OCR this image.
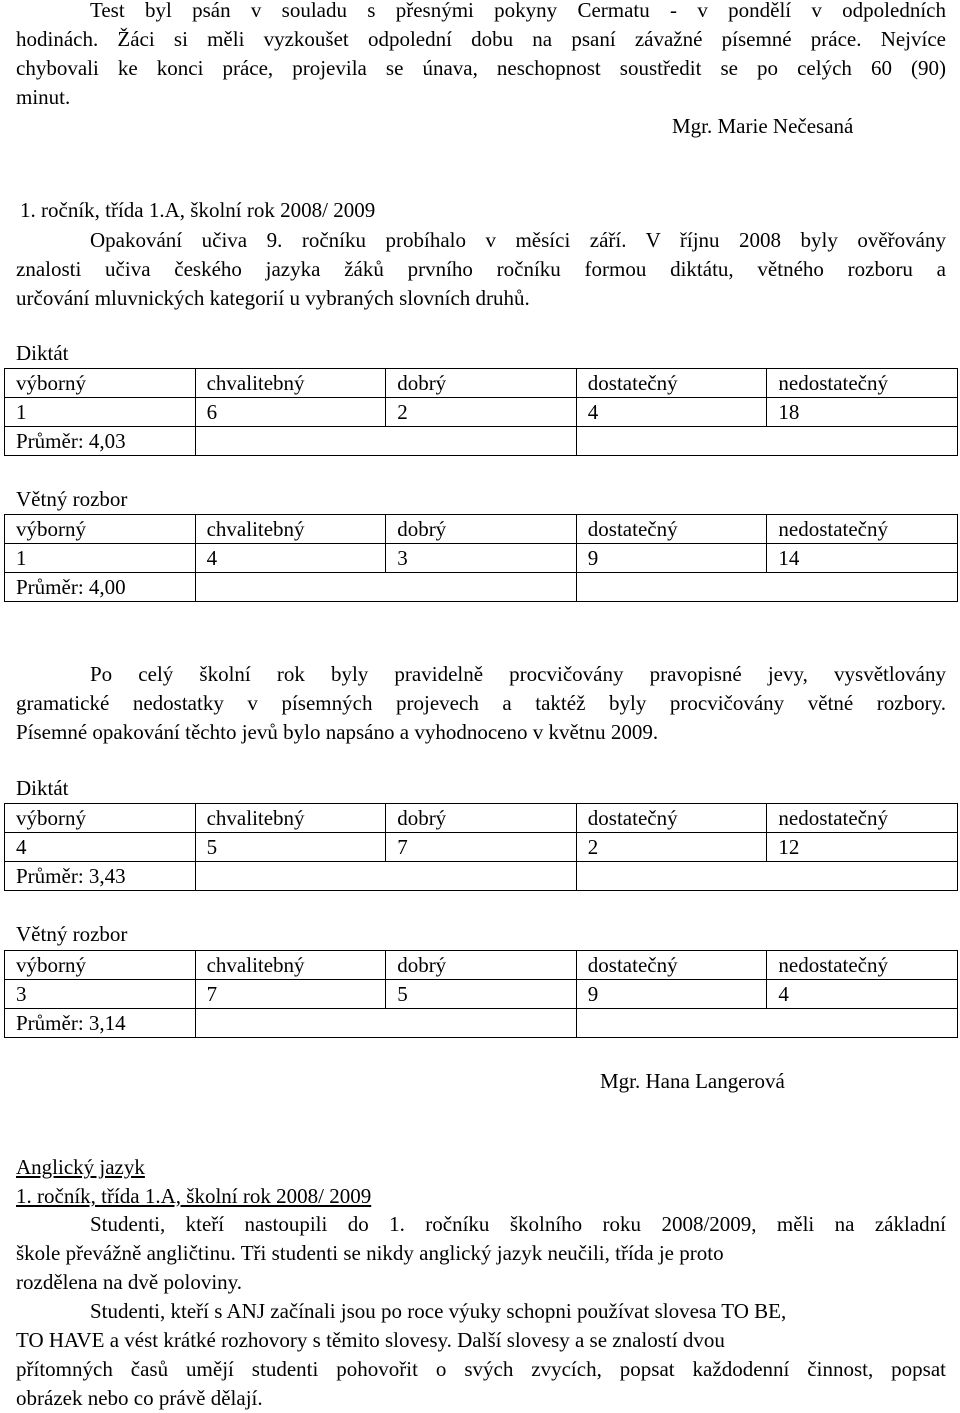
Test byl psán v souladu s přesnými pokyny Cermatu - v pondělí v odpoledních
hodinách. Žáci si měli vyzkoušet odpolední dobu na psaní závažné písemné práce. Nejvíce
chybovali ke konci práce, projevila se únava, neschopnost soustředit se po celých 60 (90)
minut.
Mgr. Marie Nečesaná
1. ročník, třída 1.A, školní rok 2008/ 2009
Opakování učiva 9. ročníku probíhalo v měsíci září. V říjnu 2008 byly ověřovány
znalosti učiva českého jazyka žáků prvního ročníku formou diktátu, větného rozboru a
určování mluvnických kategorií u vybraných slovních druhů.
Diktát
výborný	chvalitebný	dobrý	dostatečný	nedostatečný
1	6	2	4	18
Průměr: 4,03				
Větný rozbor
výborný	chvalitebný	dobrý	dostatečný	nedostatečný
1	4	3	9	14
Průměr: 4,00				
Po celý školní rok byly pravidelně procvičovány pravopisné jevy, vysvětlovány
gramatické nedostatky v písemných projevech a taktéž byly procvičovány větné rozbory.
Písemné opakování těchto jevů bylo napsáno a vyhodnoceno v květnu 2009.
Diktát
výborný	chvalitebný	dobrý	dostatečný	nedostatečný
4	5	7	2	12
Průměr: 3,43				
Větný rozbor
výborný	chvalitebný	dobrý	dostatečný	nedostatečný
3	7	5	9	4
Průměr: 3,14				
Mgr. Hana Langerová
Anglický jazyk
1. ročník, třída 1.A, školní rok 2008/ 2009
Studenti, kteří nastoupili do 1. ročníku školního roku 2008/2009, měli na základní
škole převážně angličtinu. Tři studenti se nikdy anglický jazyk neučili, třída je proto
rozdělena na dvě poloviny.
Studenti, kteří s ANJ začínali jsou po roce výuky schopni používat slovesa TO BE,
TO HAVE a vést krátké rozhovory s těmito slovesy. Další slovesy a se znalostí dvou
přítomných časů umějí studenti pohovořit o svých zvycích, popsat každodenní činnost, popsat
obrázek nebo co právě dělají.
